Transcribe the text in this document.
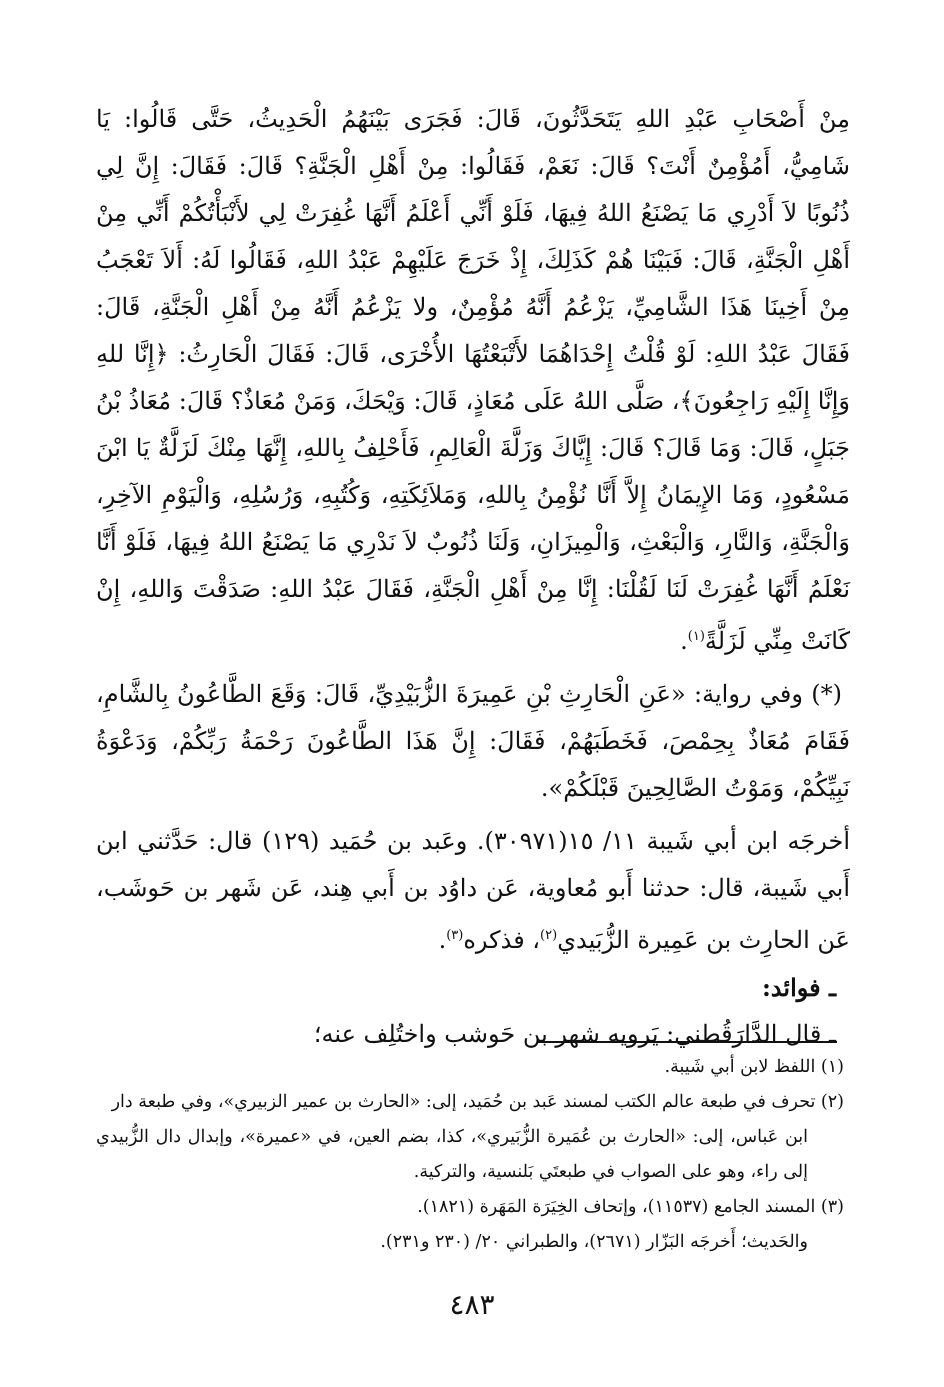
مِنْ أَصْحَابِ عَبْدِ اللهِ يَتَحَدَّثُونَ، قَالَ: فَجَرَى بَيْنَهُمُ الْحَدِيثُ، حَتَّى قَالُوا: يَا شَامِيُّ، أَمُؤْمِنٌ أَنْتَ؟ قَالَ: نَعَمْ، فَقَالُوا: مِنْ أَهْلِ الْجَنَّةِ؟ قَالَ: فَقَالَ: إِنَّ لِي ذُنُوبًا لاَ أَدْرِي مَا يَصْنَعُ اللهُ فِيهَا، فَلَوْ أَنِّي أَعْلَمُ أَنَّهَا غُفِرَتْ لِي لأَنْبَأْتُكُمْ أَنِّي مِنْ أَهْلِ الْجَنَّةِ، قَالَ: فَبَيْنَا هُمْ كَذَلِكَ، إِذْ خَرَجَ عَلَيْهِمْ عَبْدُ اللهِ، فَقَالُوا لَهُ: أَلاَ تَعْجَبُ مِنْ أَخِينَا هَذَا الشَّامِيِّ، يَزْعُمُ أَنَّهُ مُؤْمِنٌ، ولا يَزْعُمُ أَنَّهُ مِنْ أَهْلِ الْجَنَّةِ، قَالَ: فَقَالَ عَبْدُ اللهِ: لَوْ قُلْتُ إِحْدَاهُمَا لأَتْبَعْتُهَا الأُخْرَى، قَالَ: فَقَالَ الْحَارِثُ: ﴿إِنَّا للهِ وَإِنَّا إِلَيْهِ رَاجِعُونَ﴾، صَلَّى اللهُ عَلَى مُعَاذٍ، قَالَ: وَيْحَكَ، وَمَنْ مُعَاذٌ؟ قَالَ: مُعَاذُ بْنُ جَبَلٍ، قَالَ: وَمَا قَالَ؟ قَالَ: إِيَّاكَ وَزَلَّةَ الْعَالِمِ، فَأَحْلِفُ بِاللهِ، إِنَّهَا مِنْكَ لَزَلَّةٌ يَا ابْنَ مَسْعُودٍ، وَمَا الإِيمَانُ إِلاَّ أَنَّا نُؤْمِنُ بِاللهِ، وَمَلاَئِكَتِهِ، وَكُتُبِهِ، وَرُسُلِهِ، وَالْيَوْمِ الآخِرِ، وَالْجَنَّةِ، وَالنَّارِ، وَالْبَعْثِ، وَالْمِيزَانِ، وَلَنَا ذُنُوبٌ لاَ نَدْرِي مَا يَصْنَعُ اللهُ فِيهَا، فَلَوْ أَنَّا نَعْلَمُ أَنَّهَا غُفِرَتْ لَنَا لَقُلْنَا: إِنَّا مِنْ أَهْلِ الْجَنَّةِ، فَقَالَ عَبْدُ اللهِ: صَدَقْتَ وَاللهِ، إِنْ كَانَتْ مِنِّي لَزَلَّةً$^{(١)}$.

(*) وفي رواية: «عَنِ الْحَارِثِ بْنِ عَمِيرَةَ الزُّبَيْدِيِّ، قَالَ: وَقَعَ الطَّاعُونُ بِالشَّامِ، فَقَامَ مُعَاذٌ بِحِمْصَ، فَخَطَبَهُمْ، فَقَالَ: إِنَّ هَذَا الطَّاعُونَ رَحْمَةُ رَبِّكُمْ، وَدَعْوَةُ نَبِيِّكُمْ، وَمَوْتُ الصَّالِحِينَ قَبْلَكُمْ».

أخرجَه ابن أبي شَيبة ١١/ ١٥(٣٠٩٧١). وعَبد بن حُمَيد (١٢٩) قال: حَدَّثني ابن أَبي شَيبة، قال: حدثنا أَبو مُعاوية، عَن داوُد بن أَبي هِند، عَن شَهر بن حَوشَب، عَن الحارِث بن عَمِيرة الزُّبَيدي$^{(٢)}$، فذكره$^{(٣)}$.

ـ فوائد:

ـ قال الدَّارَقُطني: يَرويه شهر بن حَوشب واختُلِف عنه؛

(١) اللفظ لابن أبي شَيبة.

(٢) تحرف في طبعة عالم الكتب لمسند عَبد بن حُمَيد، إلى: «الحارث بن عمير الزبيري»، وفي طبعة دار

ابن عَباس، إلى: «الحارث بن عُمَيرة الزُّبَيري»، كذا، بضم العين، في «عميرة»، وإبدال دال الزُّبيدي إلى راء، وهو على الصواب في طبعتَي بَلنسية، والتركية.

(٣) المسند الجامع (١١٥٣٧)، وإتحاف الخِيَرَة المَهَرة (١٨٢١).

والحَديث؛ أَخرجَه البَزّار (٢٦٧١)، والطبراني ٢٠/ (٢٣٠ و٢٣١).

٤٨٣
